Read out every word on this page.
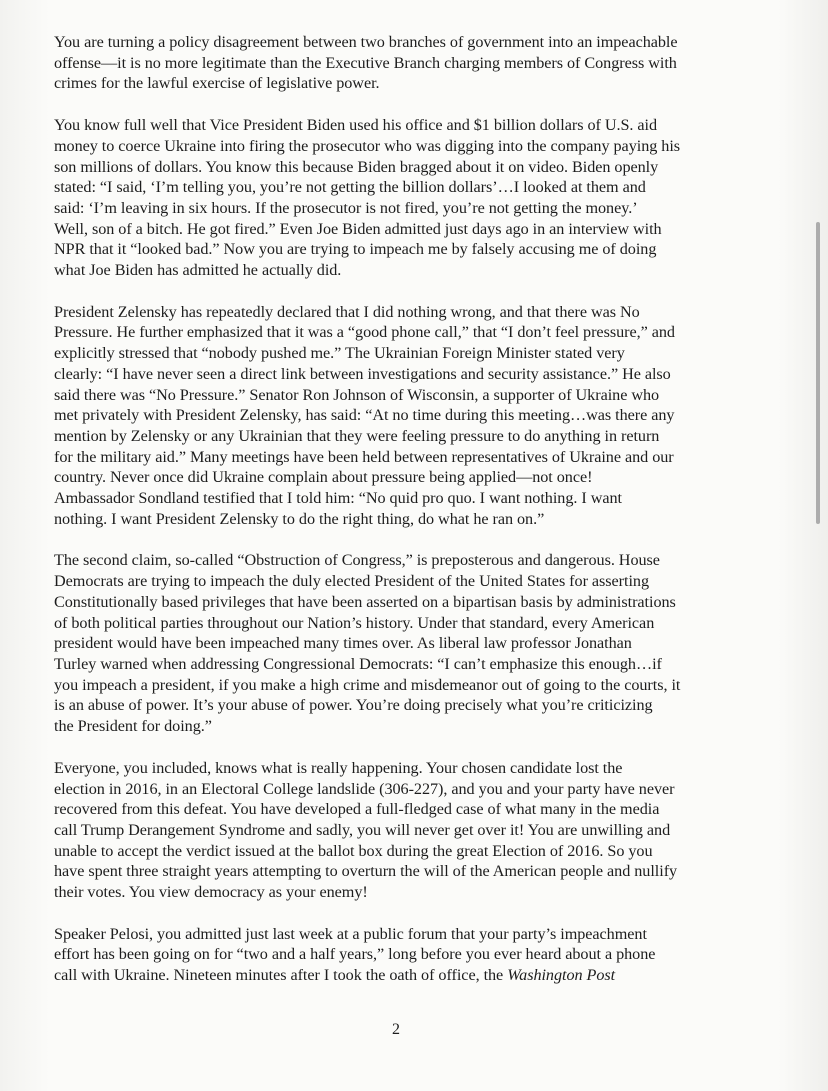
You are turning a policy disagreement between two branches of government into an impeachable
offense—it is no more legitimate than the Executive Branch charging members of Congress with
crimes for the lawful exercise of legislative power.

You know full well that Vice President Biden used his office and $1 billion dollars of U.S. aid
money to coerce Ukraine into firing the prosecutor who was digging into the company paying his
son millions of dollars. You know this because Biden bragged about it on video. Biden openly
stated: “I said, ‘I’m telling you, you’re not getting the billion dollars’…I looked at them and
said: ‘I’m leaving in six hours. If the prosecutor is not fired, you’re not getting the money.’
Well, son of a bitch. He got fired.” Even Joe Biden admitted just days ago in an interview with
NPR that it “looked bad.” Now you are trying to impeach me by falsely accusing me of doing
what Joe Biden has admitted he actually did.

President Zelensky has repeatedly declared that I did nothing wrong, and that there was No
Pressure. He further emphasized that it was a “good phone call,” that “I don’t feel pressure,” and
explicitly stressed that “nobody pushed me.” The Ukrainian Foreign Minister stated very
clearly: “I have never seen a direct link between investigations and security assistance.” He also
said there was “No Pressure.” Senator Ron Johnson of Wisconsin, a supporter of Ukraine who
met privately with President Zelensky, has said: “At no time during this meeting…was there any
mention by Zelensky or any Ukrainian that they were feeling pressure to do anything in return
for the military aid.” Many meetings have been held between representatives of Ukraine and our
country. Never once did Ukraine complain about pressure being applied—not once!
Ambassador Sondland testified that I told him: “No quid pro quo. I want nothing. I want
nothing. I want President Zelensky to do the right thing, do what he ran on.”

The second claim, so-called “Obstruction of Congress,” is preposterous and dangerous. House
Democrats are trying to impeach the duly elected President of the United States for asserting
Constitutionally based privileges that have been asserted on a bipartisan basis by administrations
of both political parties throughout our Nation’s history. Under that standard, every American
president would have been impeached many times over. As liberal law professor Jonathan
Turley warned when addressing Congressional Democrats: “I can’t emphasize this enough…if
you impeach a president, if you make a high crime and misdemeanor out of going to the courts, it
is an abuse of power. It’s your abuse of power. You’re doing precisely what you’re criticizing
the President for doing.”

Everyone, you included, knows what is really happening. Your chosen candidate lost the
election in 2016, in an Electoral College landslide (306-227), and you and your party have never
recovered from this defeat. You have developed a full-fledged case of what many in the media
call Trump Derangement Syndrome and sadly, you will never get over it! You are unwilling and
unable to accept the verdict issued at the ballot box during the great Election of 2016. So you
have spent three straight years attempting to overturn the will of the American people and nullify
their votes. You view democracy as your enemy!

Speaker Pelosi, you admitted just last week at a public forum that your party’s impeachment
effort has been going on for “two and a half years,” long before you ever heard about a phone
call with Ukraine. Nineteen minutes after I took the oath of office, the Washington Post

2
